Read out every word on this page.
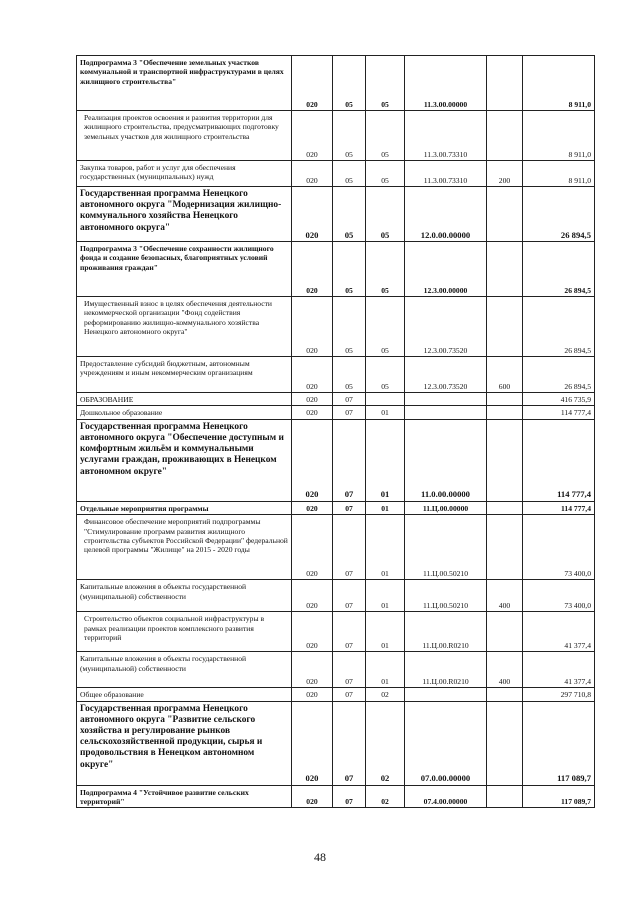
Подпрограмма 3 "Обеспечение земельных участков коммунальной и транспортной инфраструктурами в целях жилищного строительства"	020	05	05	11.3.00.00000		8 911,0
Реализация проектов освоения и развития территории для жилищного строительства, предусматривающих подготовку земельных участков для жилищного строительства	020	05	05	11.3.00.73310		8 911,0
Закупка товаров, работ и услуг для обеспечения государственных (муниципальных) нужд	020	05	05	11.3.00.73310	200	8 911,0
Государственная программа Ненецкого автономного округа "Модернизация жилищно-коммунального хозяйства Ненецкого автономного округа"	020	05	05	12.0.00.00000		26 894,5
Подпрограмма 3 "Обеспечение сохранности жилищного фонда и создание безопасных, благоприятных условий проживания граждан"	020	05	05	12.3.00.00000		26 894,5
Имущественный взнос в целях обеспечения деятельности некоммерческой организации "Фонд содействия реформированию жилищно-коммунального хозяйства Ненецкого автономного округа"	020	05	05	12.3.00.73520		26 894,5
Предоставление субсидий бюджетным, автономным учреждениям и иным некоммерческим организациям	020	05	05	12.3.00.73520	600	26 894,5
ОБРАЗОВАНИЕ	020	07				416 735,9
Дошкольное образование	020	07	01			114 777,4
Государственная программа Ненецкого автономного округа "Обеспечение доступным и комфортным жильём и коммунальными услугами граждан, проживающих в Ненецком автономном округе"	020	07	01	11.0.00.00000		114 777,4
Отдельные мероприятия программы	020	07	01	11.Ц.00.00000		114 777,4
Финансовое обеспечение мероприятий подпрограммы "Стимулирование программ развития жилищного строительства субъектов Российской Федерации" федеральной целевой программы "Жилище" на 2015 - 2020 годы	020	07	01	11.Ц.00.50210		73 400,0
Капитальные вложения в объекты государственной (муниципальной) собственности	020	07	01	11.Ц.00.50210	400	73 400,0
Строительство объектов социальной инфраструктуры в рамках реализации проектов комплексного развития территорий	020	07	01	11.Ц.00.R0210		41 377,4
Капитальные вложения в объекты государственной (муниципальной) собственности	020	07	01	11.Ц.00.R0210	400	41 377,4
Общее образование	020	07	02			297 710,8
Государственная программа Ненецкого автономного округа "Развитие сельского хозяйства и регулирование рынков сельскохозяйственной продукции, сырья и продовольствия в Ненецком автономном округе"	020	07	02	07.0.00.00000		117 089,7
Подпрограмма 4 "Устойчивое развитие сельских территорий"	020	07	02	07.4.00.00000		117 089,7
48
